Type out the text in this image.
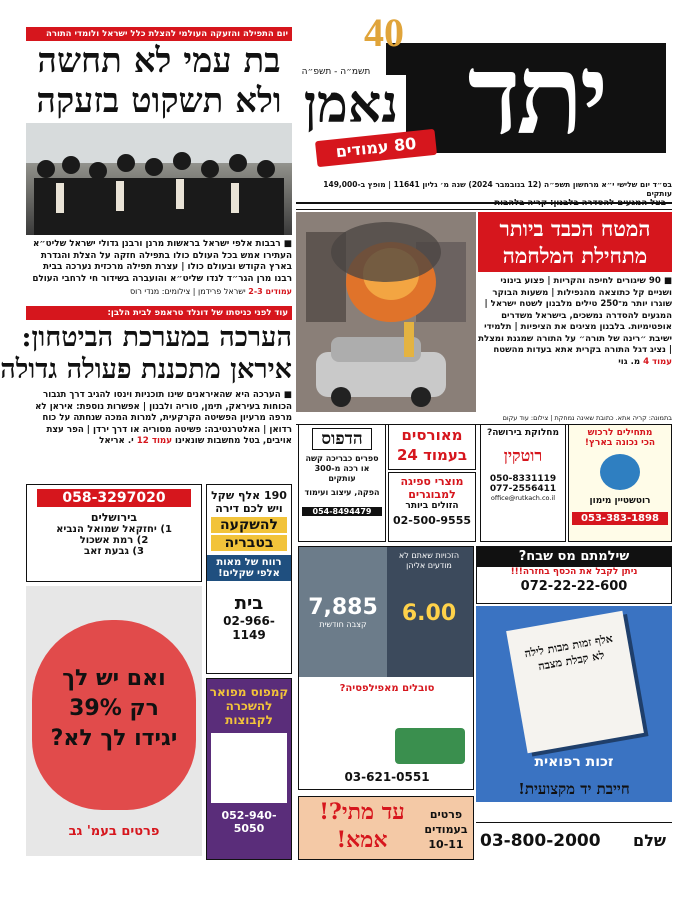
יתד
נאמן
40
תשמ״ה - תשפ״ה
80 עמודים
בס״ד יום שלישי י״א מרחשון תשפ״ה (12 בנובמבר 2024) שנה מ׳ גליון 11641 | מופץ ב-149,000 עותקים
יום התפילה והזעקה העולמי להצלת כלל ישראל ולומדי התורה
בת עמי לא תחשה
ולא תשקוט בזעקה
■ רבבות אלפי ישראל בראשות מרנן ורבנן גדולי ישראל שליט״א העתירו אמש בכל העולם כולו בתפילה חזקה על הצלת והגדרת בארץ הקודש ובעולם כולו | עצרת תפילה מרכזית נערכה בבית רבנו מרן הגר״ד לנדו שליט״א והועברה בשידור חי לרחבי העולם
עמודים 2-3 ישראל פרידמן | צילומים: מנדי רוס
בצל המגעים להסדרה בלבנון: קריה בלהבות
המטח הכבד ביותר
מתחילת המלחמה
■ 90 שיגורים לחיפה והקריות | פצוע בינוני ושניים קל כתוצאה מהנפילות | משעות הבוקר שוגרו יותר מ־250 טילים מלבנון לשטח ישראל | המגעים להסדרה נמשכים, בישראל משדרים אופטימיות. בלבנון מציגים את הציפיות | תלמידי ישיבת ״רינה של תורה״ על התורה שמגנת ומצלת | נציג דגל התורה בקרית אתא בעדות מהשטח עמוד 4 מ. גוי
בתמונה: קריה אתא. כתובת שאינה נמחקת | צילום: עוד עקום
עוד לפני כניסתו של דונלד טראמפ לבית הלבן:
הערכה במערכת הביטחון:
איראן מתכננת פעולה גדולה
■ הערכה היא שהאיראנים שינו תוכניות וינסו להגיב דרך תגבור הכוחות בעיראק, תימן, סוריה ולבנון | אפשרות נוספת: איראן לא מרפה מרעיון הפשיטה הקרקעית, למרות המכה שנחתה על כוח רדואן | האלטרנטיבה: פשיטה מסוריה או דרך ירדן | הפר עצת אויבים, בטל מחשבות שונאינו עמוד 12 י. אריאל
מתחילים לרכוש
הכי נכונה בארץ!
רוטשטיין מימון
053-383-1898
מחלוקת בירושה?
רוטקין
050-8331119
077-2556411
office@rutkach.co.il
מאורסים
בעמוד 24
מוצרי ספיגה
למבוגרים
הזולים ביותר
02-500-9555
הדפוס
ספרים כבריכה קשה או רכה מ-300 עותקים
הפקה, עיצוב ועימוד
054-8494479
שילמתם מס שבח?
ניתן לקבל את הכסף בחזרה!!!
072-22-22-600
אלף זמות מבות לילה לא קבלת מצבה
זכות רפואית
חייבת יד מקצועית!
הזכויות שאתם לא מודעים אליהן
6.00
7,885
קצבה חודשית
סובלים מאפילפסיה?
03-621-0551
פרטים בעמודים 10-11
עד מתי?!
אמא!	שלם
03-800-2000
058-3297020
בירושלים
1) יחזקאל שמואל הנביא
2) רמת אשכול
3) גבעת זאב
ואם יש לך
רק 39%
יגידו לך לא?
פרטים בעמ' גב
190 אלף שקל
ויש לכם דירה
להשקעה
בטבריה
רווח של מאות אלפי שקלים!
בית
02-966-1149
קמפוס מפואר
להשכרה
לקבוצות
052-940-5050
